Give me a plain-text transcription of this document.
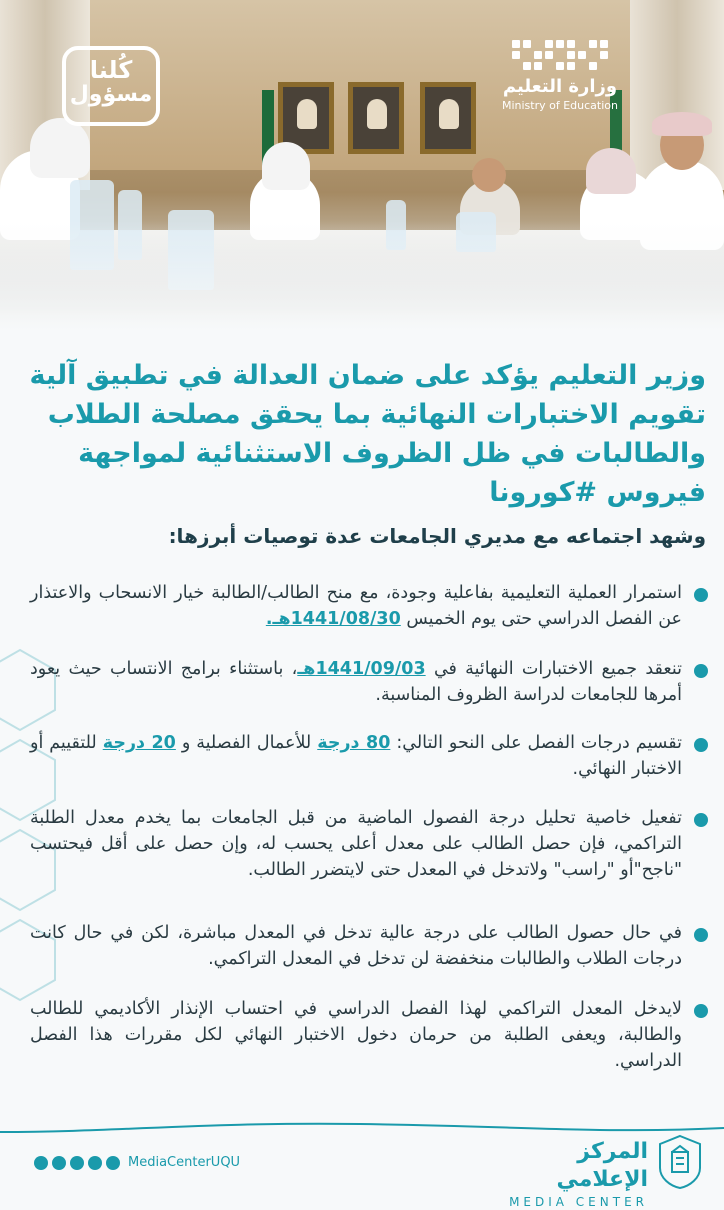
كُلنا
مسؤول	وزارة التعليم
Ministry of Education
وزير التعليم يؤكد على ضمان العدالة في تطبيق آلية تقويم الاختبارات النهائية بما يحقق مصلحة الطلاب والطالبات في ظل الظروف الاستثنائية لمواجهة فيروس #كورونا

وشهد اجتماعه مع مديري الجامعات عدة توصيات أبرزها:

استمرار العملية التعليمية بفاعلية وجودة، مع منح الطالب/الطالبة خيار الانسحاب والاعتذار عن الفصل الدراسي حتى يوم الخميس 1441/08/30هـ.
تنعقد جميع الاختبارات النهائية في 1441/09/03هـ، باستثناء برامج الانتساب حيث يعود أمرها للجامعات لدراسة الظروف المناسبة.
تقسيم درجات الفصل على النحو التالي: 80 درجة للأعمال الفصلية و 20 درجة للتقييم أو الاختبار النهائي.
تفعيل خاصية تحليل درجة الفصول الماضية من قبل الجامعات بما يخدم معدل الطلبة التراكمي، فإن حصل الطالب على معدل أعلى يحسب له، وإن حصل على أقل فيحتسب "ناجح"أو "راسب" ولاتدخل في المعدل حتى لايتضرر الطالب.
في حال حصول الطالب على درجة عالية تدخل في المعدل مباشرة، لكن في حال كانت درجات الطلاب والطالبات منخفضة لن تدخل في المعدل التراكمي.
لايدخل المعدل التراكمي لهذا الفصل الدراسي في احتساب الإنذار الأكاديمي للطالب والطالبة، ويعفى الطلبة من حرمان دخول الاختبار النهائي لكل مقررات هذا الفصل الدراسي.
MediaCenterUQU	المركز الإعلامي
MEDIA CENTER
